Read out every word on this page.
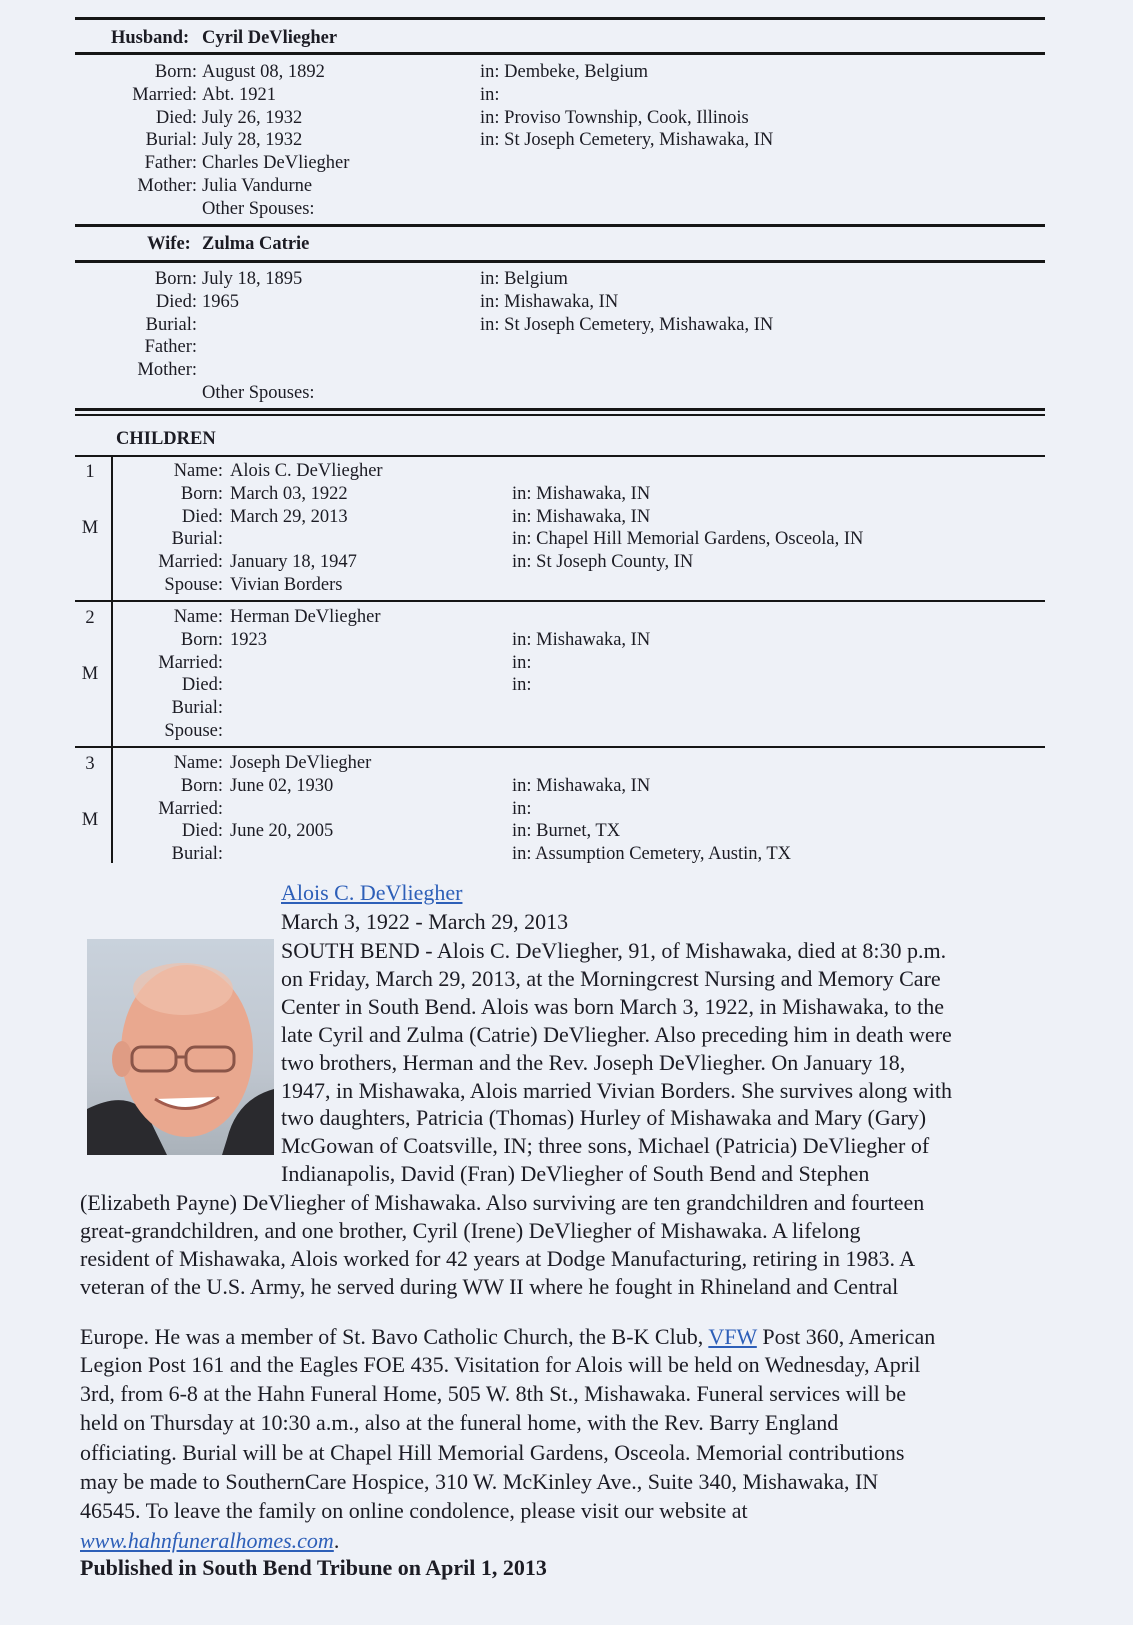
Husband: Cyril DeVliegher
Born: August 08, 1892	in: Dembeke, Belgium
Married: Abt. 1921	in:
Died: July 26, 1932	in: Proviso Township, Cook, Illinois
Burial: July 28, 1932	in: St Joseph Cemetery, Mishawaka, IN
Father: Charles DeVliegher
Mother: Julia Vandurne
Other Spouses:
Wife: Zulma Catrie
Born: July 18, 1895	in: Belgium
Died: 1965	in: Mishawaka, IN
Burial:	in: St Joseph Cemetery, Mishawaka, IN
Father:
Mother:
Other Spouses:
CHILDREN
1
M
Name: Alois C. DeVliegher
Born: March 03, 1922	in: Mishawaka, IN
Died: March 29, 2013	in: Mishawaka, IN
Burial:	in: Chapel Hill Memorial Gardens, Osceola, IN
Married: January 18, 1947	in: St Joseph County, IN
Spouse: Vivian Borders
2
M
Name: Herman DeVliegher
Born: 1923	in: Mishawaka, IN
Married:	in:
Died:	in:
Burial:
Spouse:
3
M
Name: Joseph DeVliegher
Born: June 02, 1930	in: Mishawaka, IN
Married:	in:
Died: June 20, 2005	in: Burnet, TX
Burial:	in: Assumption Cemetery, Austin, TX
Alois C. DeVliegher
March 3, 1922 - March 29, 2013
SOUTH BEND - Alois C. DeVliegher, 91, of Mishawaka, died at 8:30 p.m.
on Friday, March 29, 2013, at the Morningcrest Nursing and Memory Care
Center in South Bend. Alois was born March 3, 1922, in Mishawaka, to the
late Cyril and Zulma (Catrie) DeVliegher. Also preceding him in death were
two brothers, Herman and the Rev. Joseph DeVliegher. On January 18,
1947, in Mishawaka, Alois married Vivian Borders. She survives along with
two daughters, Patricia (Thomas) Hurley of Mishawaka and Mary (Gary)
McGowan of Coatsville, IN; three sons, Michael (Patricia) DeVliegher of
Indianapolis, David (Fran) DeVliegher of South Bend and Stephen
(Elizabeth Payne) DeVliegher of Mishawaka. Also surviving are ten grandchildren and fourteen
great-grandchildren, and one brother, Cyril (Irene) DeVliegher of Mishawaka. A lifelong
resident of Mishawaka, Alois worked for 42 years at Dodge Manufacturing, retiring in 1983. A
veteran of the U.S. Army, he served during WW II where he fought in Rhineland and Central
Europe. He was a member of St. Bavo Catholic Church, the B-K Club, VFW Post 360, American
Legion Post 161 and the Eagles FOE 435. Visitation for Alois will be held on Wednesday, April
3rd, from 6-8 at the Hahn Funeral Home, 505 W. 8th St., Mishawaka. Funeral services will be
held on Thursday at 10:30 a.m., also at the funeral home, with the Rev. Barry England
officiating. Burial will be at Chapel Hill Memorial Gardens, Osceola. Memorial contributions
may be made to SouthernCare Hospice, 310 W. McKinley Ave., Suite 340, Mishawaka, IN
46545. To leave the family on online condolence, please visit our website at
www.hahnfuneralhomes.com.
Published in South Bend Tribune on April 1, 2013
